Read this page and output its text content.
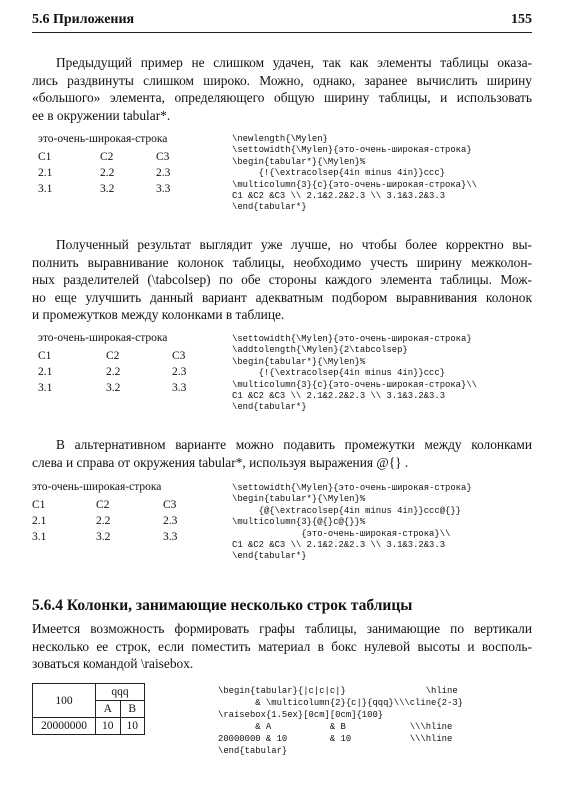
5.6 Приложения	155
Предыдущий пример не слишком удачен, так как элементы таблицы оказа-
лись раздвинуты слишком широко. Можно, однако, заранее вычислить ширину
«большого» элемента, определяющего общую ширину таблицы, и использовать
ее в окружении tabular*.
это-очень-широкая-строка
C1	C2	C3
2.1	2.2	2.3
3.1	3.2	3.3
\newlength{\Mylen}
\settowidth{\Mylen}{это-очень-широкая-строка}
\begin{tabular*}{\Mylen}%
{!{\extracolsep{4in minus 4in}}ccc}
\multicolumn{3}{c}{это-очень-широкая-строка}\\
C1 &C2 &C3 \\ 2.1&2.2&2.3 \\ 3.1&3.2&3.3
\end{tabular*}
Полученный результат выглядит уже лучше, но чтобы более корректно вы-
полнить выравнивание колонок таблицы, необходимо учесть ширину межколон-
ных разделителей (\tabcolsep) по обе стороны каждого элемента таблицы. Мож-
но еще улучшить данный вариант адекватным подбором выравнивания колонок
и промежутков между колонками в таблице.
это-очень-широкая-строка
C1	C2	C3
2.1	2.2	2.3
3.1	3.2	3.3
\settowidth{\Mylen}{это-очень-широкая-строка}
\addtolength{\Mylen}{2\tabcolsep}
\begin{tabular*}{\Mylen}%
{!{\extracolsep{4in minus 4in}}ccc}
\multicolumn{3}{c}{это-очень-широкая-строка}\\
C1 &C2 &C3 \\ 2.1&2.2&2.3 \\ 3.1&3.2&3.3
\end{tabular*}
В альтернативном варианте можно подавить промежутки между колонками
слева и справа от окружения tabular*, используя выражения @{} .
это-очень-широкая-строка
C1	C2	C3
2.1	2.2	2.3
3.1	3.2	3.3
\settowidth{\Mylen}{это-очень-широкая-строка}
\begin{tabular*}{\Mylen}%
{@{\extracolsep{4in minus 4in}}ccc@{}}
\multicolumn{3}{@{}c@{}}%
{это-очень-широкая-строка}\\
C1 &C2 &C3 \\ 2.1&2.2&2.3 \\ 3.1&3.2&3.3
\end{tabular*}
5.6.4 Колонки, занимающие несколько строк таблицы
Имеется возможность формировать графы таблицы, занимающие по вертикали
несколько ее строк, если поместить материал в бокс нулевой высоты и восполь-
зоваться командой \raisebox.
100	qqq	
	A	B
20000000	10	10
\begin{tabular}{|c|c|c|}               \hline
& \multicolumn{2}{c|}{qqq}\\\cline{2-3}
\raisebox{1.5ex}[0cm][0cm]{100}
& A           & B            \\\hline
20000000 & 10        & 10           \\\hline
\end{tabular}
